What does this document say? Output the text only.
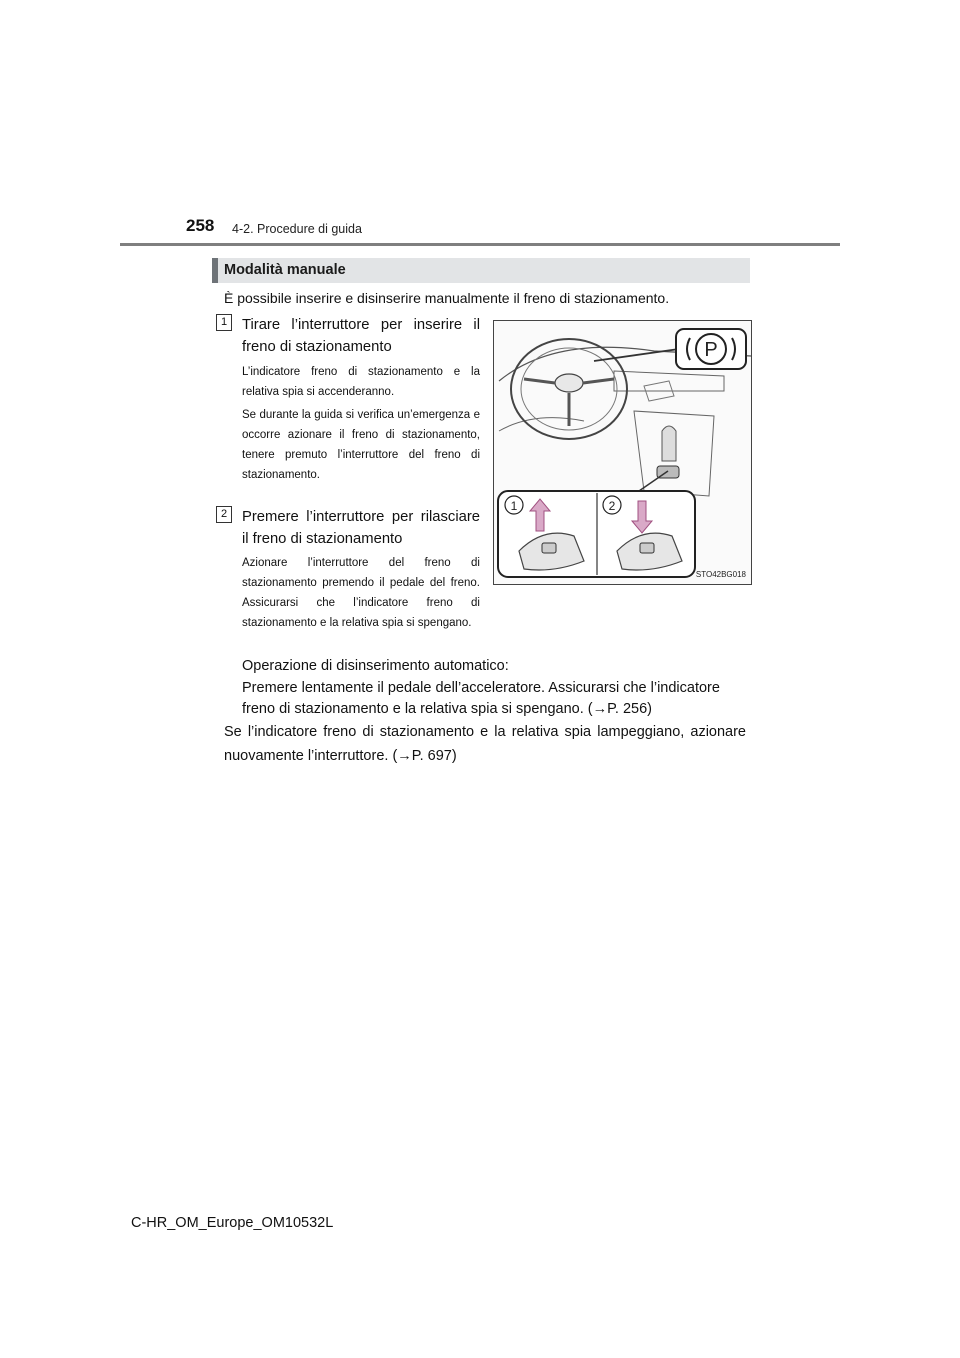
258 4-2. Procedure di guida
Modalità manuale
È possibile inserire e disinserire manualmente il freno di stazionamento.
1	Tirare l’interruttore per inserire il freno di stazionamento
L’indicatore freno di stazionamento e la relativa spia si accenderanno.
Se durante la guida si verifica un’emergenza e occorre azionare il freno di stazionamento, tenere premuto l’interruttore del freno di stazionamento.
2	Premere l’interruttore per rilasciare il freno di stazionamento
Azionare l’interruttore del freno di stazionamento premendo il pedale del freno. Assicurarsi che l’indicatore freno di stazionamento e la relativa spia si spengano.
P
1	2
STO42BG018
Operazione di disinserimento automatico:
Premere lentamente il pedale dell’acceleratore. Assicurarsi che l’indicatore freno di stazionamento e la relativa spia si spengano. (→P. 256)
Se l’indicatore freno di stazionamento e la relativa spia lampeggiano, azionare nuovamente l’interruttore. (→P. 697)
C-HR_OM_Europe_OM10532L
